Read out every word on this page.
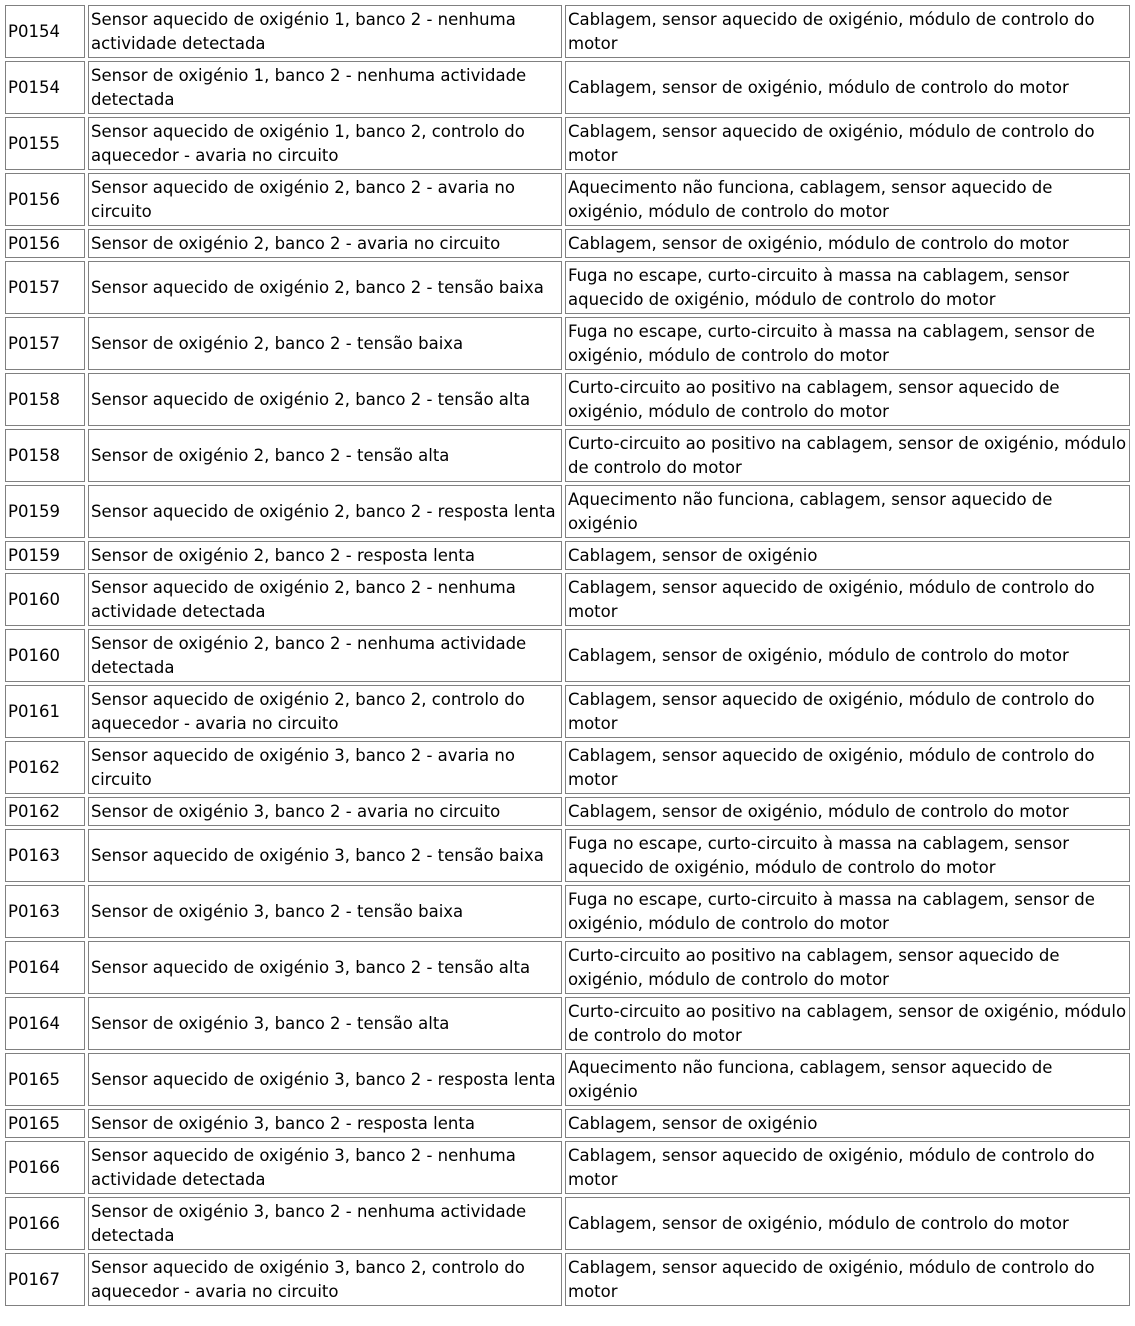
P0154	Sensor aquecido de oxigénio 1, banco 2 - nenhuma actividade detectada	Cablagem, sensor aquecido de oxigénio, módulo de controlo do motor
P0154	Sensor de oxigénio 1, banco 2 - nenhuma actividade detectada	Cablagem, sensor de oxigénio, módulo de controlo do motor
P0155	Sensor aquecido de oxigénio 1, banco 2, controlo do aquecedor - avaria no circuito	Cablagem, sensor aquecido de oxigénio, módulo de controlo do motor
P0156	Sensor aquecido de oxigénio 2, banco 2 - avaria no circuito	Aquecimento não funciona, cablagem, sensor aquecido de oxigénio, módulo de controlo do motor
P0156	Sensor de oxigénio 2, banco 2 - avaria no circuito	Cablagem, sensor de oxigénio, módulo de controlo do motor
P0157	Sensor aquecido de oxigénio 2, banco 2 - tensão baixa	Fuga no escape, curto-circuito à massa na cablagem, sensor aquecido de oxigénio, módulo de controlo do motor
P0157	Sensor de oxigénio 2, banco 2 - tensão baixa	Fuga no escape, curto-circuito à massa na cablagem, sensor de oxigénio, módulo de controlo do motor
P0158	Sensor aquecido de oxigénio 2, banco 2 - tensão alta	Curto-circuito ao positivo na cablagem, sensor aquecido de oxigénio, módulo de controlo do motor
P0158	Sensor de oxigénio 2, banco 2 - tensão alta	Curto-circuito ao positivo na cablagem, sensor de oxigénio, módulo de controlo do motor
P0159	Sensor aquecido de oxigénio 2, banco 2 - resposta lenta	Aquecimento não funciona, cablagem, sensor aquecido de oxigénio
P0159	Sensor de oxigénio 2, banco 2 - resposta lenta	Cablagem, sensor de oxigénio
P0160	Sensor aquecido de oxigénio 2, banco 2 - nenhuma actividade detectada	Cablagem, sensor aquecido de oxigénio, módulo de controlo do motor
P0160	Sensor de oxigénio 2, banco 2 - nenhuma actividade detectada	Cablagem, sensor de oxigénio, módulo de controlo do motor
P0161	Sensor aquecido de oxigénio 2, banco 2, controlo do aquecedor - avaria no circuito	Cablagem, sensor aquecido de oxigénio, módulo de controlo do motor
P0162	Sensor aquecido de oxigénio 3, banco 2 - avaria no circuito	Cablagem, sensor aquecido de oxigénio, módulo de controlo do motor
P0162	Sensor de oxigénio 3, banco 2 - avaria no circuito	Cablagem, sensor de oxigénio, módulo de controlo do motor
P0163	Sensor aquecido de oxigénio 3, banco 2 - tensão baixa	Fuga no escape, curto-circuito à massa na cablagem, sensor aquecido de oxigénio, módulo de controlo do motor
P0163	Sensor de oxigénio 3, banco 2 - tensão baixa	Fuga no escape, curto-circuito à massa na cablagem, sensor de oxigénio, módulo de controlo do motor
P0164	Sensor aquecido de oxigénio 3, banco 2 - tensão alta	Curto-circuito ao positivo na cablagem, sensor aquecido de oxigénio, módulo de controlo do motor
P0164	Sensor de oxigénio 3, banco 2 - tensão alta	Curto-circuito ao positivo na cablagem, sensor de oxigénio, módulo de controlo do motor
P0165	Sensor aquecido de oxigénio 3, banco 2 - resposta lenta	Aquecimento não funciona, cablagem, sensor aquecido de oxigénio
P0165	Sensor de oxigénio 3, banco 2 - resposta lenta	Cablagem, sensor de oxigénio
P0166	Sensor aquecido de oxigénio 3, banco 2 - nenhuma actividade detectada	Cablagem, sensor aquecido de oxigénio, módulo de controlo do motor
P0166	Sensor de oxigénio 3, banco 2 - nenhuma actividade detectada	Cablagem, sensor de oxigénio, módulo de controlo do motor
P0167	Sensor aquecido de oxigénio 3, banco 2, controlo do aquecedor - avaria no circuito	Cablagem, sensor aquecido de oxigénio, módulo de controlo do motor
